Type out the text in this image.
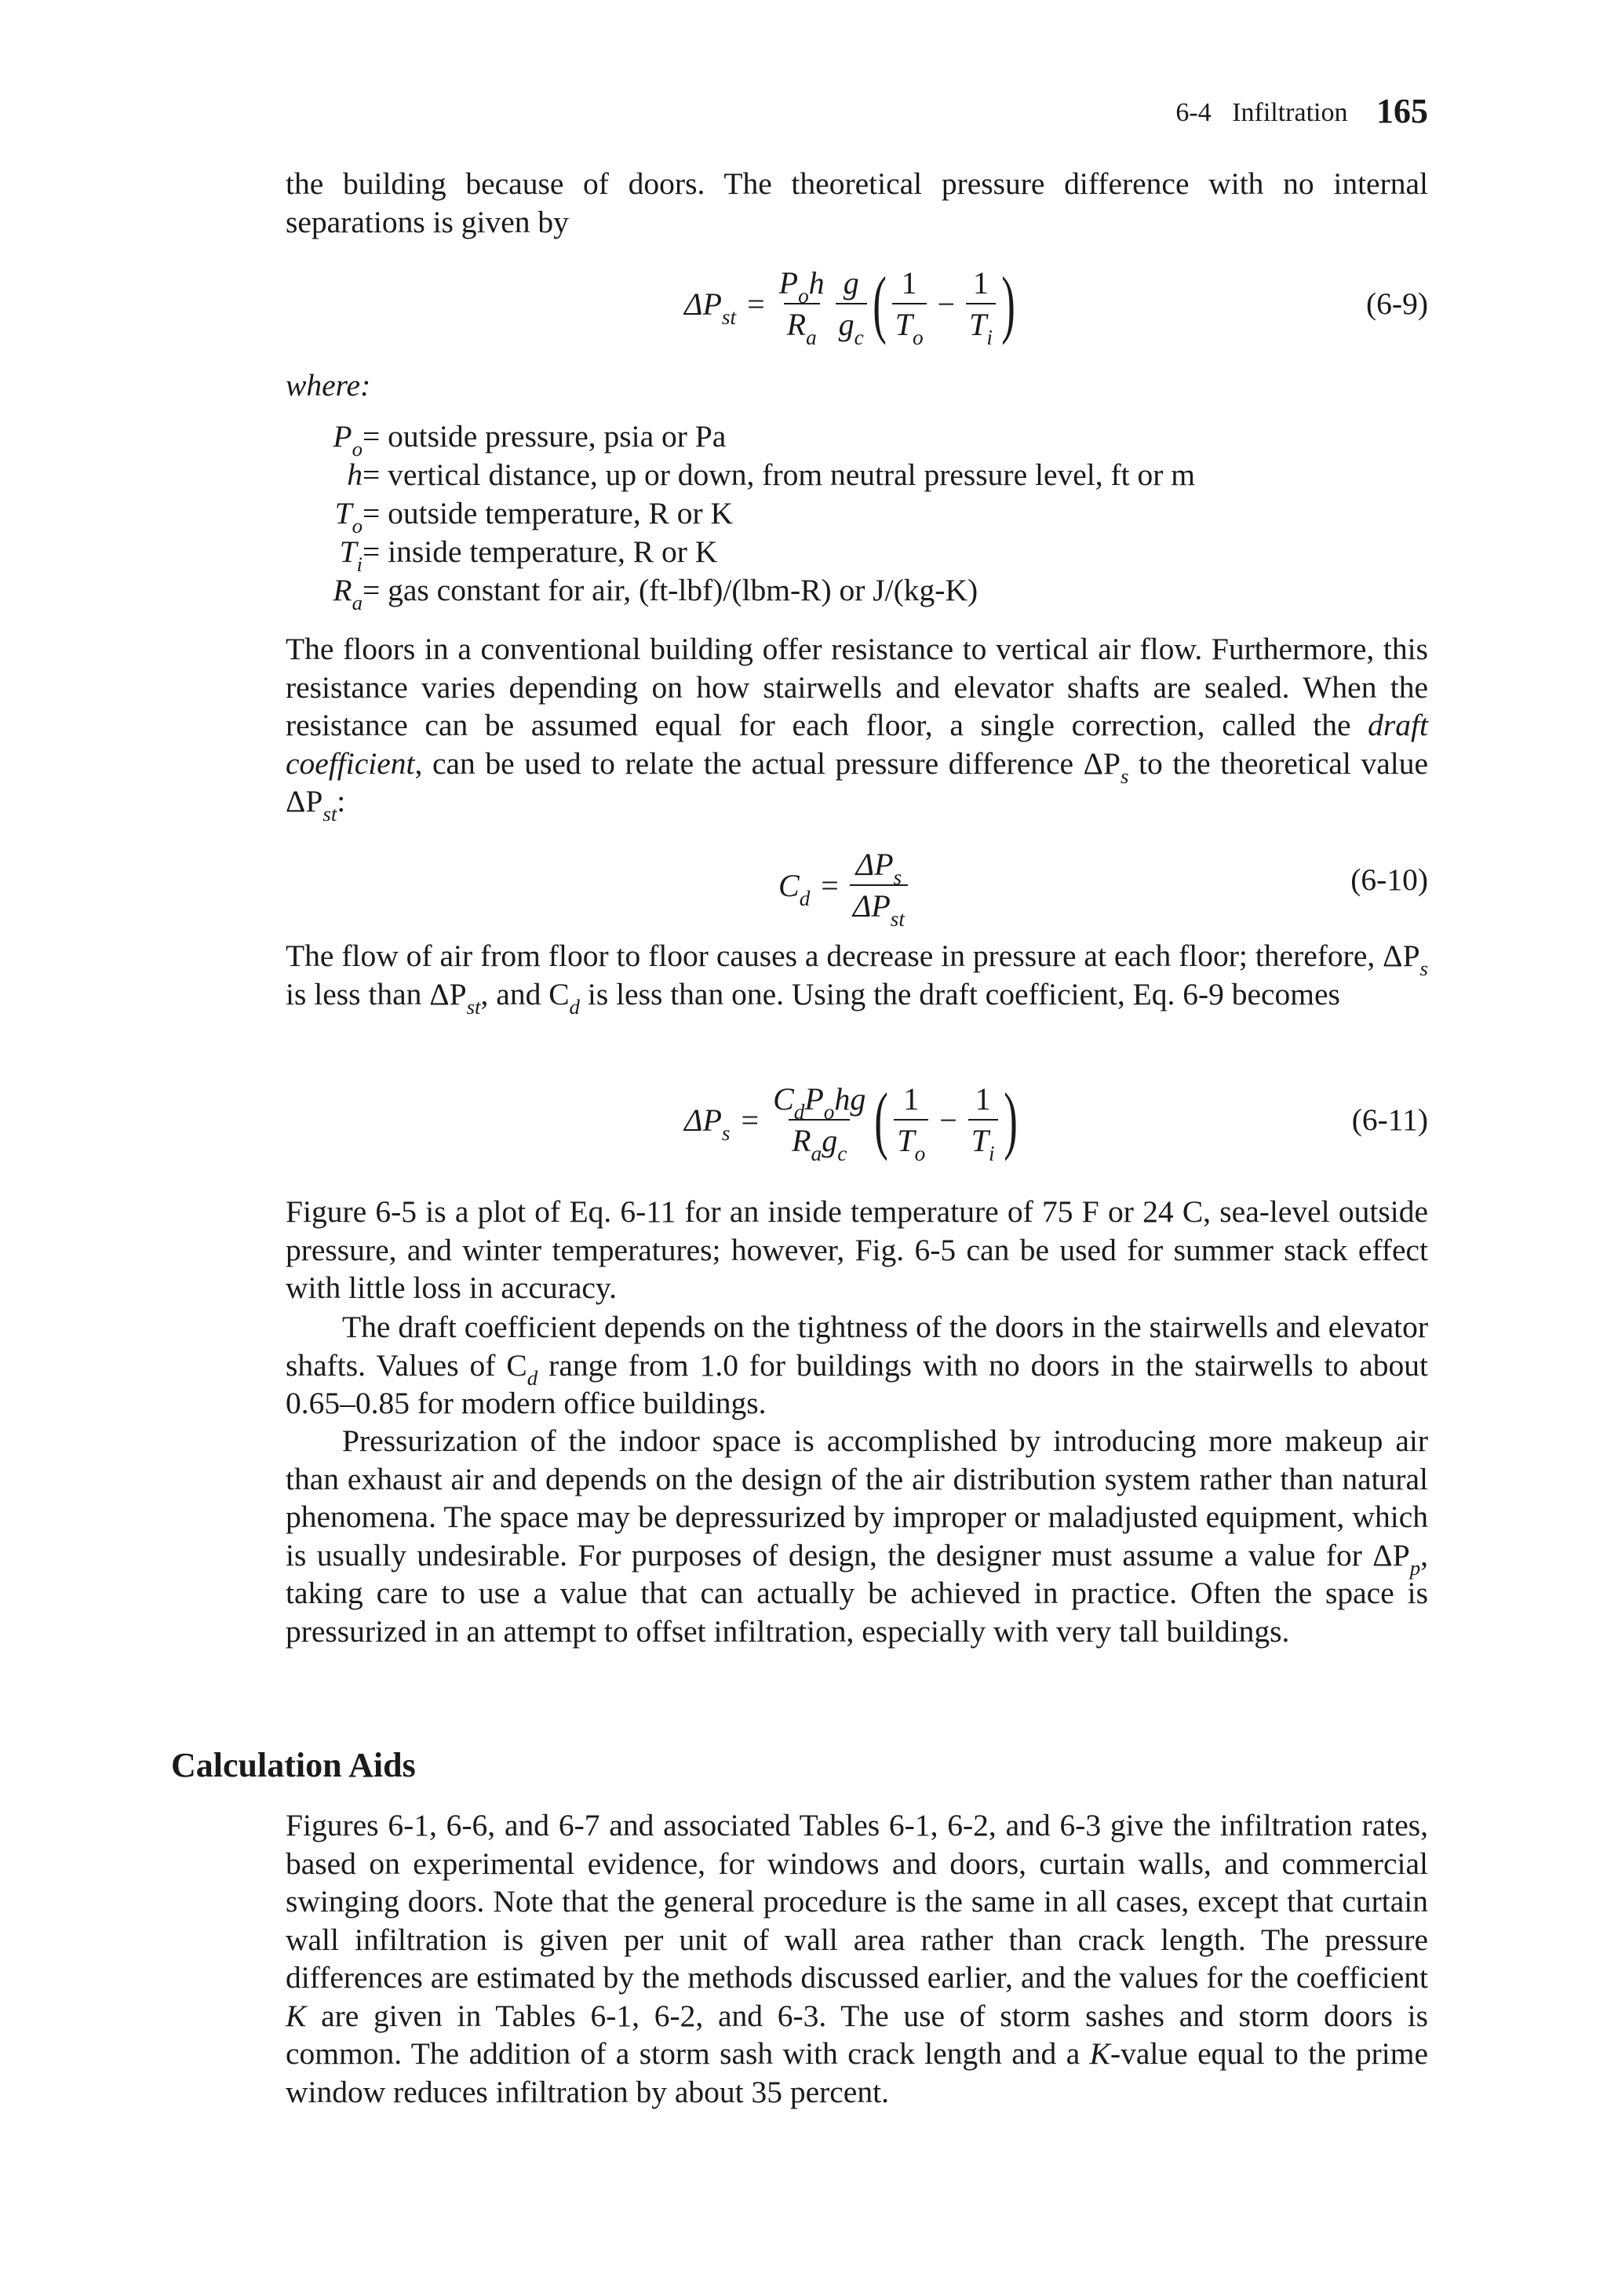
6-4 Infiltration 165

the building because of doors. The theoretical pressure difference with no internal separations is given by

$\Delta P_{st} = \frac{P_oh}{R_a} \frac{g}{g_c}$ ( $\frac{1}{T_o} - \frac{1}{T_i}$ )	(6-9)
where:
$P_o$ = outside pressure, psia or Pa
h = vertical distance, up or down, from neutral pressure level, ft or m
$T_o$ = outside temperature, R or K
$T_i$ = inside temperature, R or K
$R_a$ = gas constant for air, (ft-lbf)/(lbm-R) or J/(kg-K)

The floors in a conventional building offer resistance to vertical air flow. Furthermore, this resistance varies depending on how stairwells and elevator shafts are sealed. When the resistance can be assumed equal for each floor, a single correction, called the draft coefficient, can be used to relate the actual pressure difference $\Delta P_s$ to the theoretical value $\Delta P_{st}$:

$C_d = \frac{\Delta P_s}{\Delta P_{st}}$	(6-10)

The flow of air from floor to floor causes a decrease in pressure at each floor; therefore, $\Delta P_s$ is less than $\Delta P_{st}$, and $C_d$ is less than one. Using the draft coefficient, Eq. 6-9 becomes

$\Delta P_s = \frac{C_dP_ohg}{R_ag_c}$ ( $\frac{1}{T_o} - \frac{1}{T_i}$ )	(6-11)

Figure 6-5 is a plot of Eq. 6-11 for an inside temperature of 75 F or 24 C, sea-level outside pressure, and winter temperatures; however, Fig. 6-5 can be used for summer stack effect with little loss in accuracy.

The draft coefficient depends on the tightness of the doors in the stairwells and elevator shafts. Values of $C_d$ range from 1.0 for buildings with no doors in the stairwells to about 0.65–0.85 for modern office buildings.

Pressurization of the indoor space is accomplished by introducing more makeup air than exhaust air and depends on the design of the air distribution system rather than natural phenomena. The space may be depressurized by improper or maladjusted equipment, which is usually undesirable. For purposes of design, the designer must assume a value for $\Delta P_p$, taking care to use a value that can actually be achieved in practice. Often the space is pressurized in an attempt to offset infiltration, especially with very tall buildings.

Calculation Aids

Figures 6-1, 6-6, and 6-7 and associated Tables 6-1, 6-2, and 6-3 give the infiltration rates, based on experimental evidence, for windows and doors, curtain walls, and commercial swinging doors. Note that the general procedure is the same in all cases, except that curtain wall infiltration is given per unit of wall area rather than crack length. The pressure differences are estimated by the methods discussed earlier, and the values for the coefficient K are given in Tables 6-1, 6-2, and 6-3. The use of storm sashes and storm doors is common. The addition of a storm sash with crack length and a K-value equal to the prime window reduces infiltration by about 35 percent.
